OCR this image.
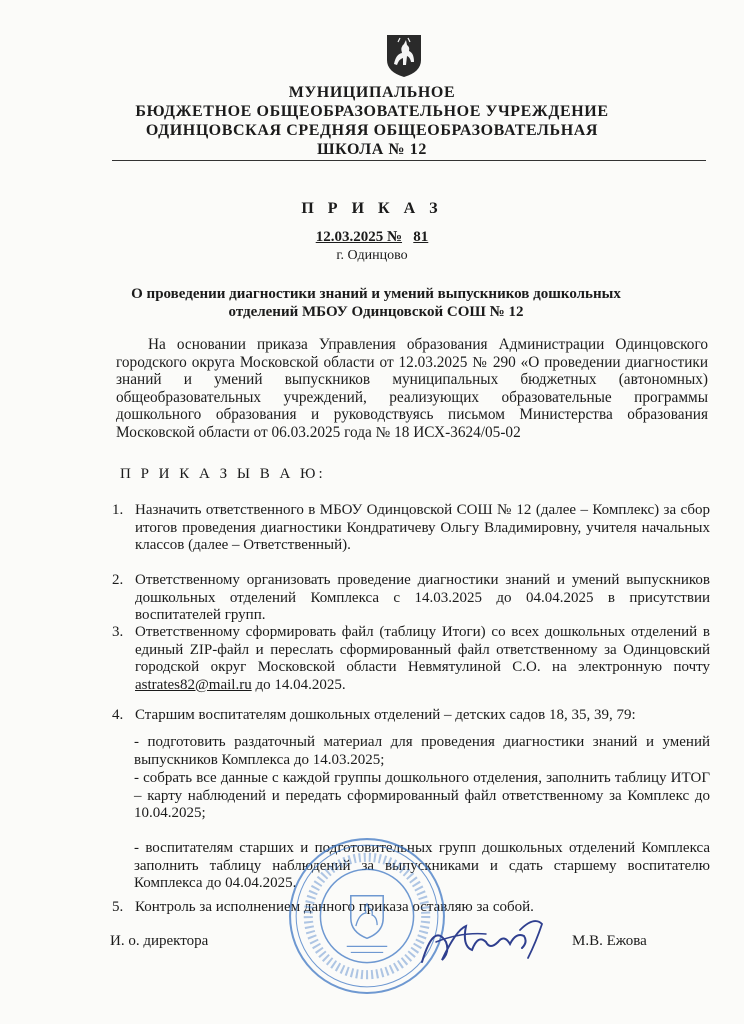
МУНИЦИПАЛЬНОЕ
БЮДЖЕТНОЕ ОБЩЕОБРАЗОВАТЕЛЬНОЕ УЧРЕЖДЕНИЕ
ОДИНЦОВСКАЯ СРЕДНЯЯ ОБЩЕОБРАЗОВАТЕЛЬНАЯ
ШКОЛА № 12
П Р И К А З
12.03.2025 № 81
г. Одинцово
О проведении диагностики знаний и умений выпускников дошкольных
отделений МБОУ Одинцовской СОШ № 12
На основании приказа Управления образования Администрации Одинцовского городского округа Московской области от 12.03.2025 № 290 «О проведении диагностики знаний и умений выпускников муниципальных бюджетных (автономных) общеобразовательных учреждений, реализующих образовательные программы дошкольного образования и руководствуясь письмом Министерства образования Московской области от 06.03.2025 года № 18 ИСХ-3624/05-02
П Р И К А З Ы В А Ю:
1. Назначить ответственного в МБОУ Одинцовской СОШ № 12 (далее – Комплекс) за сбор итогов проведения диагностики Кондратичеву Ольгу Владимировну, учителя начальных классов (далее – Ответственный).
2. Ответственному организовать проведение диагностики знаний и умений выпускников дошкольных отделений Комплекса с 14.03.2025 до 04.04.2025 в присутствии воспитателей групп.
3. Ответственному сформировать файл (таблицу Итоги) со всех дошкольных отделений в единый ZIP-файл и переслать сформированный файл ответственному за Одинцовский городской округ Московской области Невмятулиной С.О. на электронную почту astrates82@mail.ru до 14.04.2025.
4. Старшим воспитателям дошкольных отделений – детских садов 18, 35, 39, 79:
- подготовить раздаточный материал для проведения диагностики знаний и умений выпускников Комплекса до 14.03.2025;
- собрать все данные с каждой группы дошкольного отделения, заполнить таблицу ИТОГ – карту наблюдений и передать сформированный файл ответственному за Комплекс до 10.04.2025;
- воспитателям старших и подготовительных групп дошкольных отделений Комплекса заполнить таблицу наблюдений за выпускниками и сдать старшему воспитателю Комплекса до 04.04.2025.
5. Контроль за исполнением данного приказа оставляю за собой.
И. о. директора	М.В. Ежова
